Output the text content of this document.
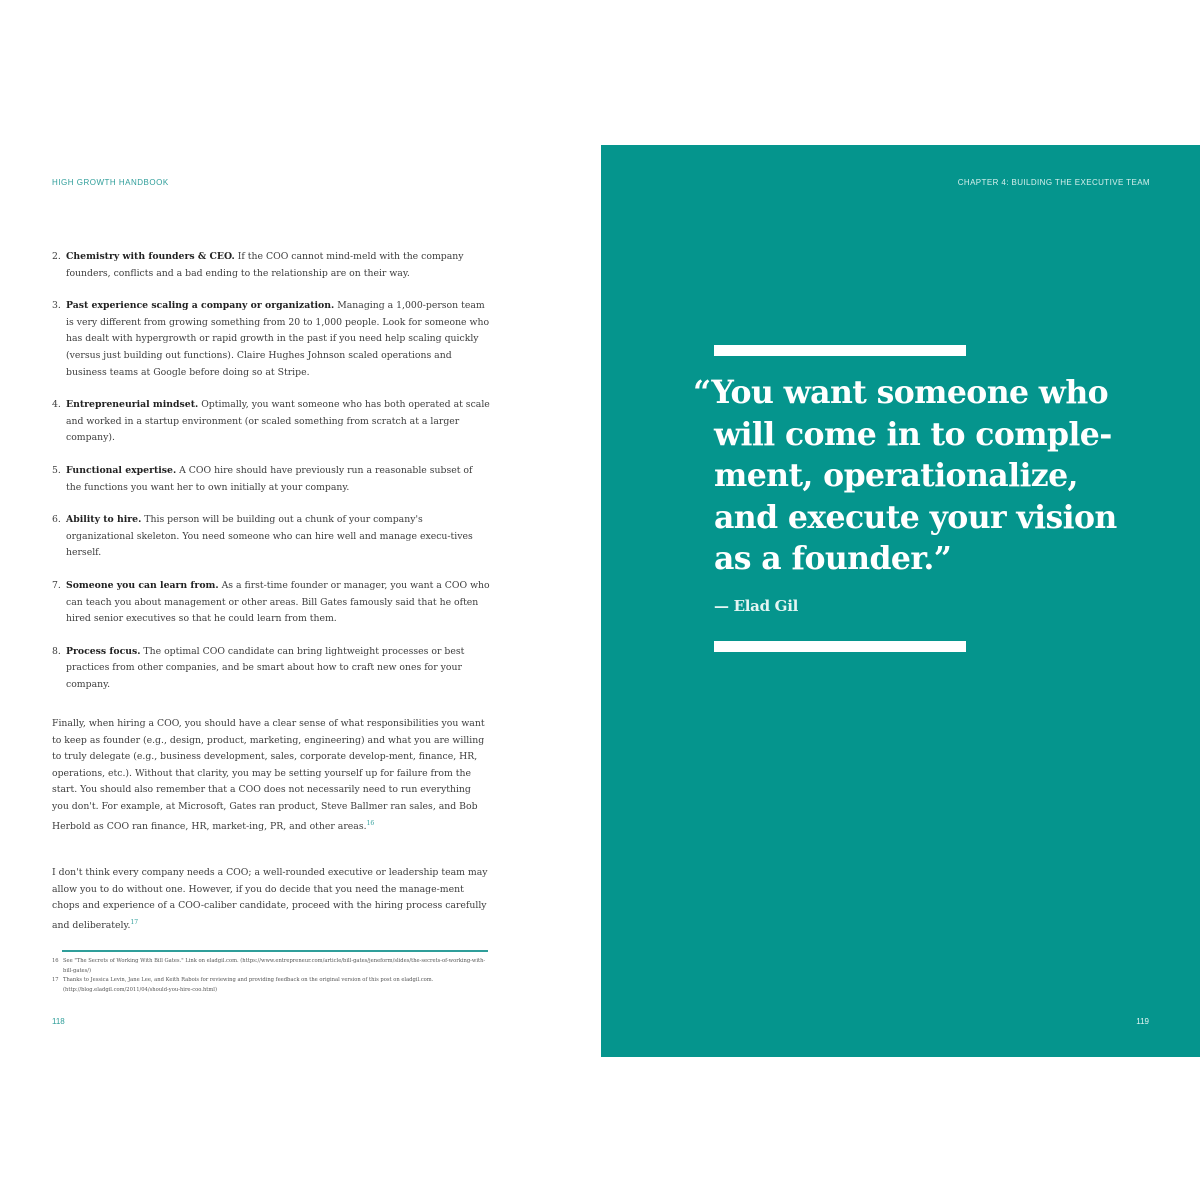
HIGH GROWTH HANDBOOK
2. Chemistry with founders & CEO. If the COO cannot mind-meld with the company founders, conflicts and a bad ending to the relationship are on their way.
3. Past experience scaling a company or organization. Managing a 1,000-person team is very different from growing something from 20 to 1,000 people. Look for someone who has dealt with hypergrowth or rapid growth in the past if you need help scaling quickly (versus just building out functions). Claire Hughes Johnson scaled operations and business teams at Google before doing so at Stripe.
4. Entrepreneurial mindset. Optimally, you want someone who has both operated at scale and worked in a startup environment (or scaled something from scratch at a larger company).
5. Functional expertise. A COO hire should have previously run a reasonable subset of the functions you want her to own initially at your company.
6. Ability to hire. This person will be building out a chunk of your company's organizational skeleton. You need someone who can hire well and manage execu-tives herself.
7. Someone you can learn from. As a first-time founder or manager, you want a COO who can teach you about management or other areas. Bill Gates famously said that he often hired senior executives so that he could learn from them.
8. Process focus. The optimal COO candidate can bring lightweight processes or best practices from other companies, and be smart about how to craft new ones for your company.

Finally, when hiring a COO, you should have a clear sense of what responsibilities you want to keep as founder (e.g., design, product, marketing, engineering) and what you are willing to truly delegate (e.g., business development, sales, corporate develop-ment, finance, HR, operations, etc.). Without that clarity, you may be setting yourself up for failure from the start. You should also remember that a COO does not necessarily need to run everything you don't. For example, at Microsoft, Gates ran product, Steve Ballmer ran sales, and Bob Herbold as COO ran finance, HR, market-ing, PR, and other areas.$^{16}$

I don't think every company needs a COO; a well-rounded executive or leadership team may allow you to do without one. However, if you do decide that you need the manage-ment chops and experience of a COO-caliber candidate, proceed with the hiring process carefully and deliberately.$^{17}$

16 See "The Secrets of Working With Bill Gates." Link on eladgil.com. (https://www.entrepreneur.com/article/bill-gates/jeneform/slides/the-secrets-of-working-with-bill-gates/)
17 Thanks to Jessica Levin, Jane Lee, and Keith Rabois for reviewing and providing feedback on the original version of this post on eladgil.com. (http://blog.eladgil.com/2011/04/should-you-hire-coo.html)
118
CHAPTER 4: BUILDING THE EXECUTIVE TEAM
“You want someone who
will come in to comple-
ment, operationalize,
and execute your vision
as a founder.”
— Elad Gil
119
